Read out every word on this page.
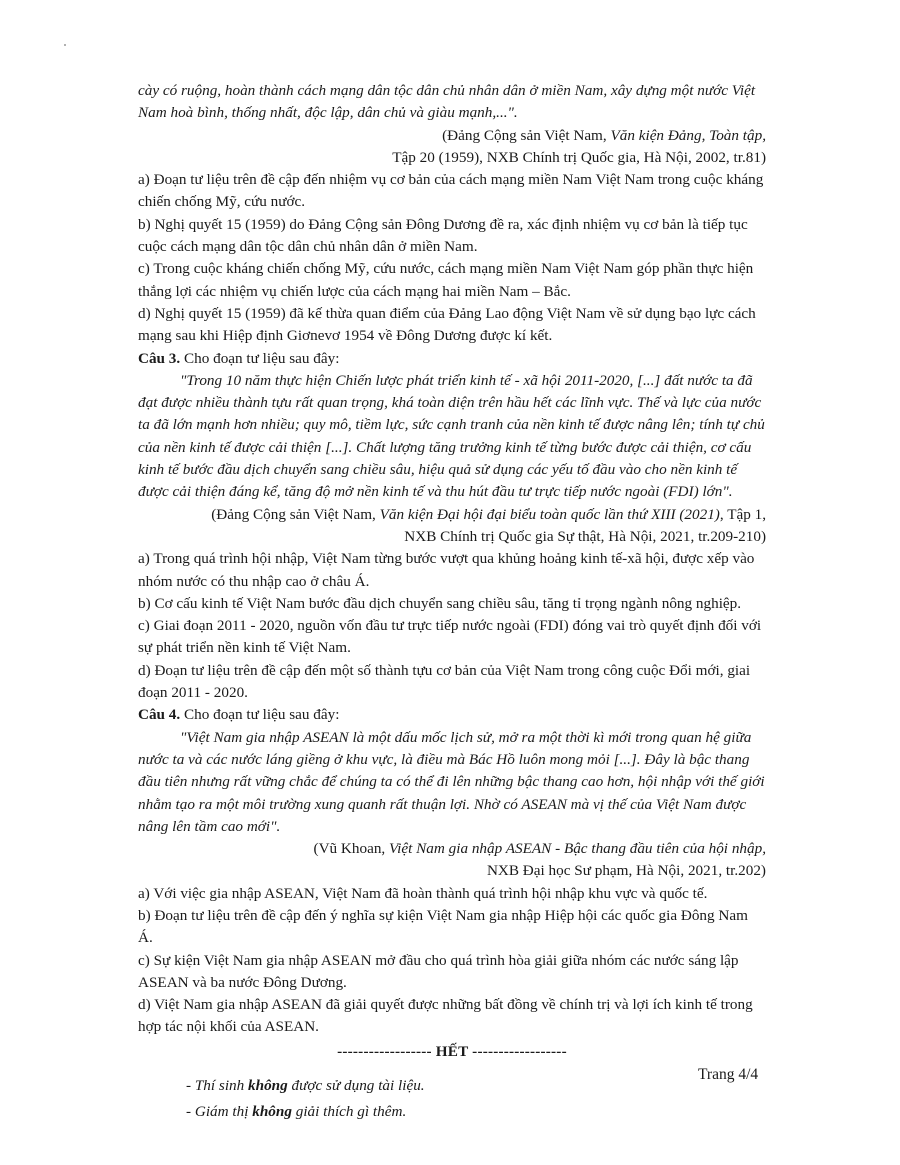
cày có ruộng, hoàn thành cách mạng dân tộc dân chủ nhân dân ở miền Nam, xây dựng một nước Việt Nam hoà bình, thống nhất, độc lập, dân chủ và giàu mạnh,...".

(Đảng Cộng sản Việt Nam, Văn kiện Đảng, Toàn tập,
Tập 20 (1959), NXB Chính trị Quốc gia, Hà Nội, 2002, tr.81)

a) Đoạn tư liệu trên đề cập đến nhiệm vụ cơ bản của cách mạng miền Nam Việt Nam trong cuộc kháng chiến chống Mỹ, cứu nước.

b) Nghị quyết 15 (1959) do Đảng Cộng sản Đông Dương đề ra, xác định nhiệm vụ cơ bản là tiếp tục cuộc cách mạng dân tộc dân chủ nhân dân ở miền Nam.

c) Trong cuộc kháng chiến chống Mỹ, cứu nước, cách mạng miền Nam Việt Nam góp phần thực hiện thắng lợi các nhiệm vụ chiến lược của cách mạng hai miền Nam – Bắc.

d) Nghị quyết 15 (1959) đã kế thừa quan điểm của Đảng Lao động Việt Nam về sử dụng bạo lực cách mạng sau khi Hiệp định Giơnevơ 1954 về Đông Dương được kí kết.

Câu 3. Cho đoạn tư liệu sau đây:

"Trong 10 năm thực hiện Chiến lược phát triển kinh tế - xã hội 2011-2020, [...] đất nước ta đã đạt được nhiều thành tựu rất quan trọng, khá toàn diện trên hầu hết các lĩnh vực. Thế và lực của nước ta đã lớn mạnh hơn nhiều; quy mô, tiềm lực, sức cạnh tranh của nền kinh tế được nâng lên; tính tự chủ của nền kinh tế được cải thiện [...]. Chất lượng tăng trưởng kinh tế từng bước được cải thiện, cơ cấu kinh tế bước đầu dịch chuyển sang chiều sâu, hiệu quả sử dụng các yếu tố đầu vào cho nền kinh tế được cải thiện đáng kể, tăng độ mở nền kinh tế và thu hút đầu tư trực tiếp nước ngoài (FDI) lớn".

(Đảng Cộng sản Việt Nam, Văn kiện Đại hội đại biểu toàn quốc lần thứ XIII (2021), Tập 1,
NXB Chính trị Quốc gia Sự thật, Hà Nội, 2021, tr.209-210)

a) Trong quá trình hội nhập, Việt Nam từng bước vượt qua khủng hoảng kinh tế-xã hội, được xếp vào nhóm nước có thu nhập cao ở châu Á.

b) Cơ cấu kinh tế Việt Nam bước đầu dịch chuyển sang chiều sâu, tăng tỉ trọng ngành nông nghiệp.

c) Giai đoạn 2011 - 2020, nguồn vốn đầu tư trực tiếp nước ngoài (FDI) đóng vai trò quyết định đối với sự phát triển nền kinh tế Việt Nam.

d) Đoạn tư liệu trên đề cập đến một số thành tựu cơ bản của Việt Nam trong công cuộc Đổi mới, giai đoạn 2011 - 2020.

Câu 4. Cho đoạn tư liệu sau đây:

"Việt Nam gia nhập ASEAN là một dấu mốc lịch sử, mở ra một thời kì mới trong quan hệ giữa nước ta và các nước láng giềng ở khu vực, là điều mà Bác Hồ luôn mong mỏi [...]. Đây là bậc thang đầu tiên nhưng rất vững chắc để chúng ta có thể đi lên những bậc thang cao hơn, hội nhập với thế giới nhằm tạo ra một môi trường xung quanh rất thuận lợi. Nhờ có ASEAN mà vị thế của Việt Nam được nâng lên tầm cao mới".

(Vũ Khoan, Việt Nam gia nhập ASEAN - Bậc thang đầu tiên của hội nhập,
NXB Đại học Sư phạm, Hà Nội, 2021, tr.202)

a) Với việc gia nhập ASEAN, Việt Nam đã hoàn thành quá trình hội nhập khu vực và quốc tế.

b) Đoạn tư liệu trên đề cập đến ý nghĩa sự kiện Việt Nam gia nhập Hiệp hội các quốc gia Đông Nam Á.

c) Sự kiện Việt Nam gia nhập ASEAN mở đầu cho quá trình hòa giải giữa nhóm các nước sáng lập ASEAN và ba nước Đông Dương.

d) Việt Nam gia nhập ASEAN đã giải quyết được những bất đồng về chính trị và lợi ích kinh tế trong hợp tác nội khối của ASEAN.

------------------ HẾT ------------------

- Thí sinh không được sử dụng tài liệu.

- Giám thị không giải thích gì thêm.

Trang 4/4
